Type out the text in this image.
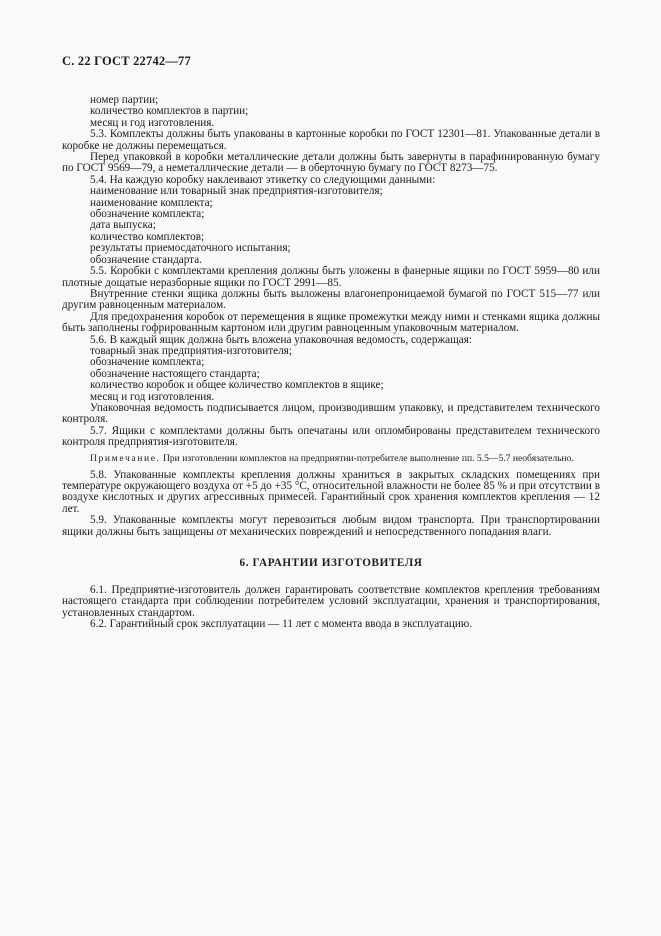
С. 22 ГОСТ 22742—77

номер партии;

количество комплектов в партии;

месяц и год изготовления.

5.3. Комплекты должны быть упакованы в картонные коробки по ГОСТ 12301—81. Упакованные детали в коробке не должны перемещаться.

Перед упаковкой в коробки металлические детали должны быть завернуты в парафинированную бумагу по ГОСТ 9569—79, а неметаллические детали — в оберточную бумагу по ГОСТ 8273—75.

5.4. На каждую коробку наклеивают этикетку со следующими данными:

наименование или товарный знак предприятия-изготовителя;

наименование комплекта;

обозначение комплекта;

дата выпуска;

количество комплектов;

результаты приемосдаточного испытания;

обозначение стандарта.

5.5. Коробки с комплектами крепления должны быть уложены в фанерные ящики по ГОСТ 5959—80 или плотные дощатые неразборные ящики по ГОСТ 2991—85.

Внутренние стенки ящика должны быть выложены влагонепроницаемой бумагой по ГОСТ 515—77 или другим равноценным материалом.

Для предохранения коробок от перемещения в ящике промежутки между ними и стенками ящика должны быть заполнены гофрированным картоном или другим равноценным упаковочным материалом.

5.6. В каждый ящик должна быть вложена упаковочная ведомость, содержащая:

товарный знак предприятия-изготовителя;

обозначение комплекта;

обозначение настоящего стандарта;

количество коробок и общее количество комплектов в ящике;

месяц и год изготовления.

Упаковочная ведомость подписывается лицом, производившим упаковку, и представителем технического контроля.

5.7. Ящики с комплектами должны быть опечатаны или опломбированы представителем технического контроля предприятия-изготовителя.

Примечание. При изготовлении комплектов на предприятии-потребителе выполнение пп. 5.5—5.7 необязательно.

5.8. Упакованные комплекты крепления должны храниться в закрытых складских помещениях при температуре окружающего воздуха от +5 до +35 °С, относительной влажности не более 85 % и при отсутствии в воздухе кислотных и других агрессивных примесей. Гарантийный срок хранения комплектов крепления — 12 лет.

5.9. Упакованные комплекты могут перевозиться любым видом транспорта. При транспортировании ящики должны быть защищены от механических повреждений и непосредственного попадания влаги.

6. ГАРАНТИИ ИЗГОТОВИТЕЛЯ

6.1. Предприятие-изготовитель должен гарантировать соответствие комплектов крепления требованиям настоящего стандарта при соблюдении потребителем условий эксплуатации, хранения и транспортирования, установленных стандартом.

6.2. Гарантийный срок эксплуатации — 11 лет с момента ввода в эксплуатацию.
